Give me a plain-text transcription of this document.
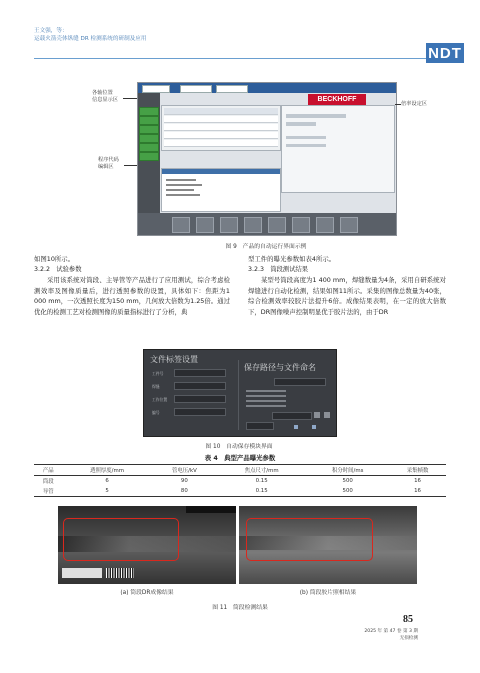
王文强，等：
运载火箭壳体纵缝 DR 检测系统的研制及应用
NDT
BECKHOFF
各轴位置
信息显示区
程序代码
编辑区
倍率设定区
图 9　产品的自动运行界面示例
如图10所示。
3.2.2　试验参数
采用该系统对筒段、主导管等产品进行了应用测试，综合考虑检测效率及图像质量后，进行透照参数的设置，具体如下：焦距为1 000 mm，一次透照长度为150 mm，几何放大倍数为1.25倍。通过优化的检测工艺对检测图像的质量指标进行了分析，典
型工件的曝光参数如表4所示。
3.2.3　筒段测试结果
某型号筒段高度为1 400 mm，焊缝数量为4条，采用自研系统对焊缝进行自动化检测，结果如图11所示。采集的图像总数量为40张，综合检测效率较胶片法提升6倍。成像结果表明，在一定的放大倍数下，DR图像噪声控制明显优于胶片法的，由于DR
文件标签设置
工件号
焊缝
工作位置
编号
保存路径与文件命名
图 10　自动保存模块界面
表 4　典型产品曝光参数
产品	透照厚度/mm	管电压/kV	焦点尺寸/mm	积分时间/ms	采集帧数
筒段	6	90	0.15	500	16
导管	5	80	0.15	500	16
(a) 筒段DR成像结果	(b) 筒段胶片照相结果
图 11　筒段检测结果
85
2025 年 第 47 卷 第 3 期
无损检测
